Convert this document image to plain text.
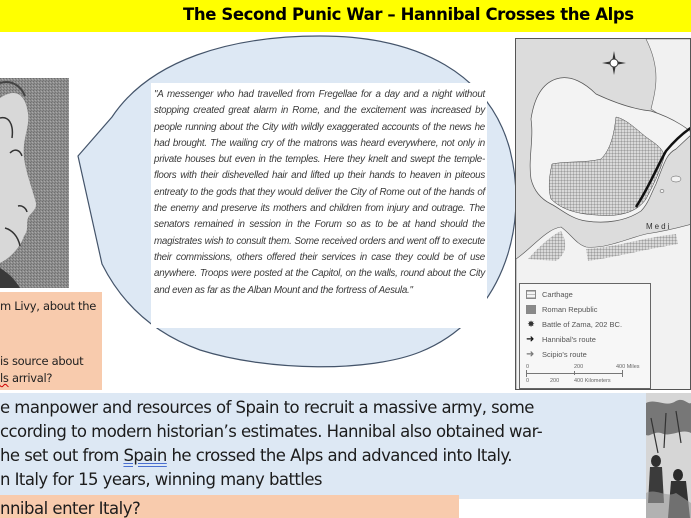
The Second Punic War – Hannibal Crosses the Alps
"A messenger who had travelled from Fregellae for a day and a night without stopping created great alarm in Rome, and the excitement was increased by people running about the City with wildly exaggerated accounts of the news he had brought. The wailing cry of the matrons was heard everywhere, not only in private houses but even in the temples. Here they knelt and swept the temple-floors with their dishevelled hair and lifted up their hands to heaven in piteous entreaty to the gods that they would deliver the City of Rome out of the hands of the enemy and preserve its mothers and children from injury and outrage. The senators remained in session in the Forum so as to be at hand should the magistrates wish to consult them. Some received orders and went off to execute their commissions, others offered their services in case they could be of use anywhere. Troops were posted at the Capitol, on the walls, round about the City and even as far as the Alban Mount and the fortress of Aesula."
m Livy, about the
is source about
ls arrival?
Medi
Carthage
Roman Republic
✸ Battle of Zama, 202 BC.
➜ Hannibal's route
➜ Scipio's route
0	200	400 Miles
0	200	400 Kilometers
e manpower and resources of Spain to recruit a massive army, some
ccording to modern historian’s estimates. Hannibal also obtained war-
he set out from Spain he crossed the Alps and advanced into Italy.
n Italy for 15 years, winning many battles
nnibal enter Italy?
